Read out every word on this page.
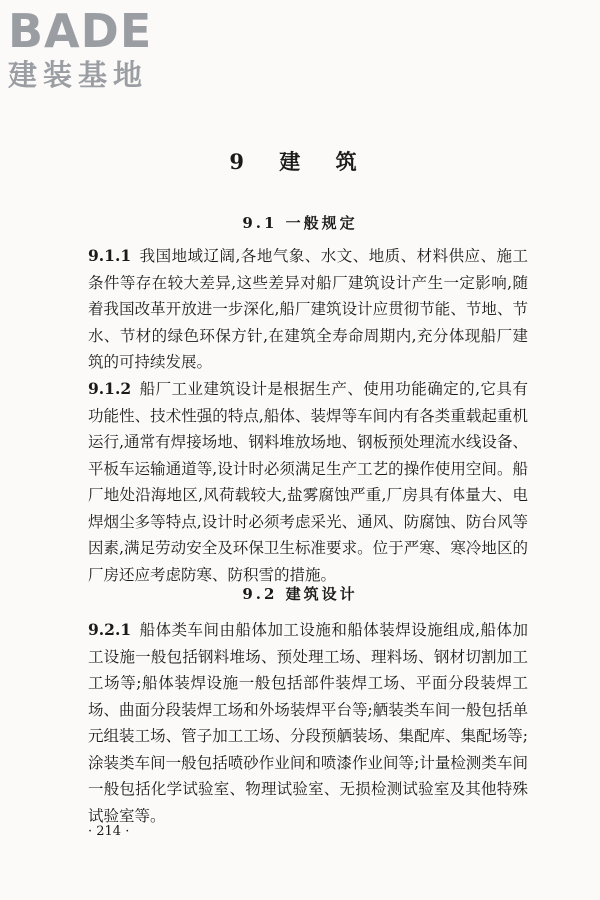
BADE
建装基地
9 建 筑
9.1 一般规定
9.1.1 我国地域辽阔,各地气象、水文、地质、材料供应、施工条件等存在较大差异,这些差异对船厂建筑设计产生一定影响,随着我国改革开放进一步深化,船厂建筑设计应贯彻节能、节地、节水、节材的绿色环保方针,在建筑全寿命周期内,充分体现船厂建筑的可持续发展。
9.1.2 船厂工业建筑设计是根据生产、使用功能确定的,它具有功能性、技术性强的特点,船体、装焊等车间内有各类重载起重机运行,通常有焊接场地、钢料堆放场地、钢板预处理流水线设备、平板车运输通道等,设计时必须满足生产工艺的操作使用空间。船厂地处沿海地区,风荷载较大,盐雾腐蚀严重,厂房具有体量大、电焊烟尘多等特点,设计时必须考虑采光、通风、防腐蚀、防台风等因素,满足劳动安全及环保卫生标准要求。位于严寒、寒冷地区的厂房还应考虑防寒、防积雪的措施。
9.2 建筑设计
9.2.1 船体类车间由船体加工设施和船体装焊设施组成,船体加工设施一般包括钢料堆场、预处理工场、理料场、钢材切割加工工场等;船体装焊设施一般包括部件装焊工场、平面分段装焊工场、曲面分段装焊工场和外场装焊平台等;舾装类车间一般包括单元组装工场、管子加工工场、分段预舾装场、集配库、集配场等;涂装类车间一般包括喷砂作业间和喷漆作业间等;计量检测类车间一般包括化学试验室、物理试验室、无损检测试验室及其他特殊试验室等。
· 214 ·
